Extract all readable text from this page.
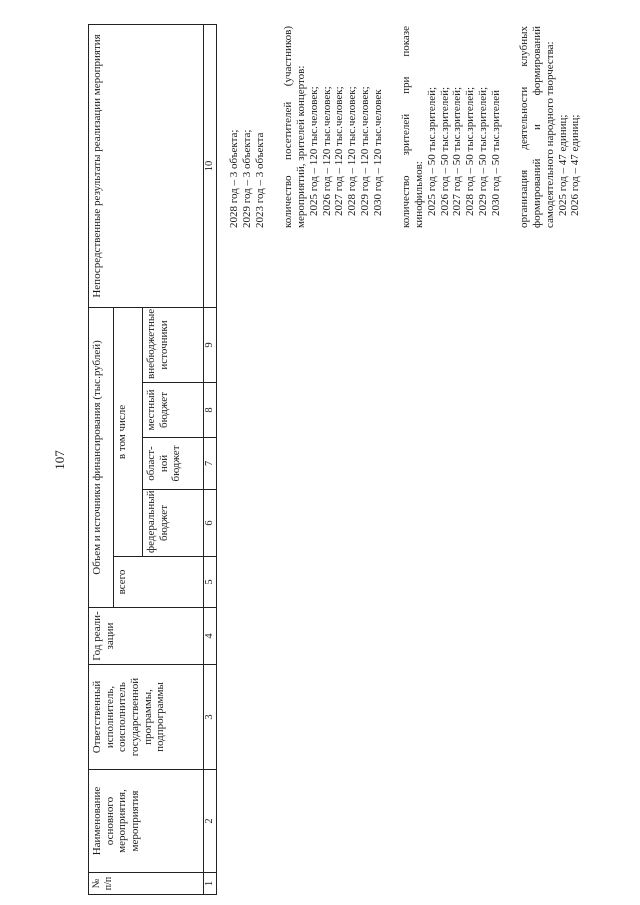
107
№ п/п	Наименование основного мероприятия, мероприятия	Ответственный исполнитель, соисполнитель государственной программы, подпрограммы	Год реали-зации	Объем и источники финансирования (тыс.рублей)					Непосредственные результаты реализации мероприятия
				всего	в том числе				
					федеральный бюджет	област-ной бюджет	местный бюджет	внебюджетные источники	
1	2	3	4	5	6	7	8	9	10 2028 год – 3 объекта; 2029 год – 3 объекта; 2023 год – 3 объекта количество посетителей (участников) мероприятий, зрителей концертов: 2025 год – 120 тыс.человек; 2026 год – 120 тыс.человек; 2027 год – 120 тыс.человек; 2028 год – 120 тыс.человек; 2029 год – 120 тыс.человек; 2030 год – 120 тыс.человек количество зрителей при показе кинофильмов: 2025 год – 50 тыс.зрителей; 2026 год – 50 тыс.зрителей; 2027 год – 50 тыс.зрителей; 2028 год – 50 тыс.зрителей; 2029 год – 50 тыс.зрителей; 2030 год – 50 тыс.зрителей организация деятельности клубных формирований и формирований самодеятельного народного творчества: 2025 год – 47 единиц; 2026 год – 47 единиц;
